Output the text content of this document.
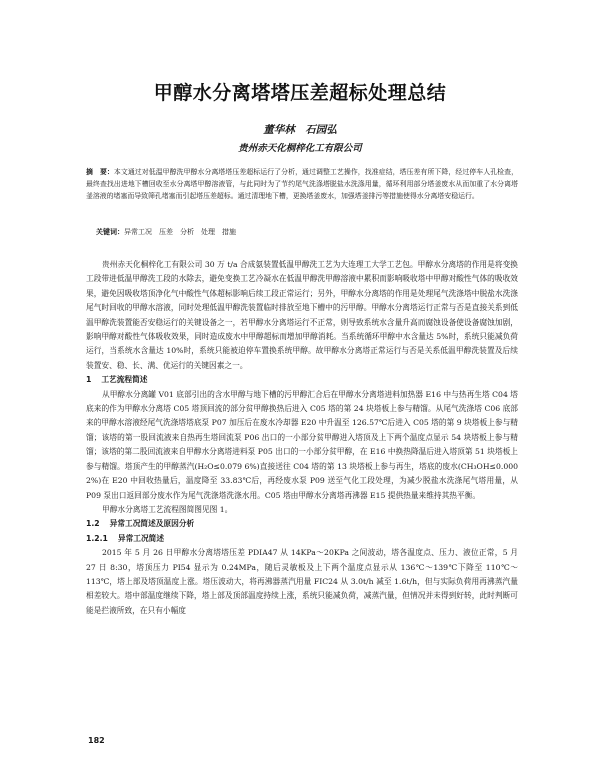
甲醇水分离塔塔压差超标处理总结
董华林　石园弘
贵州赤天化桐梓化工有限公司
摘　要：本文通过对低温甲醇洗甲醇水分离塔塔压差超标运行了分析，通过调整工艺操作，找准症结，塔压差有所下降，经过停车人孔检查，最终查找出进地下槽回收至水分离塔甲醇溶液管，与此同时为了节约尾气洗涤塔脱盐水洗涤用量，循环利用部分塔釜废水从而加重了水分离塔釜溶液的堵塞而导致筛孔堵塞而引起塔压差超标。通过清理地下槽，更换塔釜废水，加强塔釜排污等措施使得水分离塔安稳运行。
关键词：异常工况　压差　分析　处理　措施

贵州赤天化桐梓化工有限公司 30 万 t/a 合成氨装置低温甲醇洗工艺为大连理工大学工艺包。甲醇水分离塔的作用是将变换工段带进低温甲醇洗工段的水除去，避免变换工艺冷凝水在低温甲醇洗甲醇溶液中累积而影响吸收塔中甲醇对酸性气体的吸收效果，避免因吸收塔顶净化气中酸性气体超标影响后续工段正常运行；另外，甲醇水分离塔的作用是处理尾气洗涤塔中脱盐水洗涤尾气时回收的甲醇水溶液，同时处理低温甲醇洗装置临时排放至地下槽中的污甲醇。甲醇水分离塔运行正常与否是直接关系到低温甲醇洗装置能否安稳运行的关键设备之一，若甲醇水分离塔运行不正常，则导致系统水含量升高而腐蚀设备使设备腐蚀加剧，影响甲醇对酸性气体吸收效果，同时造成废水中甲醇超标而增加甲醇消耗。当系统循环甲醇中水含量达 5%时，系统只能减负荷运行，当系统水含量达 10%时，系统只能被迫停车置换系统甲醇。故甲醇水分离塔正常运行与否是关系低温甲醇洗装置及后续装置安、稳、长、满、优运行的关键因素之一。

1 工艺流程简述

从甲醇水分离罐 V01 底部引出的含水甲醇与地下槽的污甲醇汇合后在甲醇水分离塔进料加热器 E16 中与热再生塔 C04 塔底来的作为甲醇水分离塔 C05 塔顶回流的部分贫甲醇换热后进入 C05 塔的第 24 块塔板上参与精馏。从尾气洗涤塔 C06 底部来的甲醇水溶液经尾气洗涤塔塔底泵 P07 加压后在废水冷却器 E20 中升温至 126.57℃后进入 C05 塔的第 9 块塔板上参与精馏；该塔的第一股回流液来自热再生塔回流泵 P06 出口的一小部分贫甲醇进入塔顶及上下两个温度点显示 54 块塔板上参与精馏；该塔的第二股回流液来自甲醇水分离塔进料泵 P05 出口的一小部分贫甲醇，在 E16 中换热降温后进入塔顶第 51 块塔板上参与精馏。塔顶产生的甲醇蒸汽(H₂O≤0.079 6%)直接送往 C04 塔的第 13 块塔板上参与再生，塔底的废水(CH₃OH≤0.000 2%)在 E20 中回收热量后，温度降至 33.83℃后，再经废水泵 P09 送至气化工段处理，为减少脱盐水洗涤尾气塔用量，从 P09 泵出口返回部分废水作为尾气洗涤塔洗涤水用。C05 塔由甲醇水分离塔再沸器 E15 提供热量来维持其热平衡。

甲醇水分离塔工艺流程图简图见图 1。

1.2 异常工况简述及原因分析
1.2.1 异常工况简述

2015 年 5 月 26 日甲醇水分离塔塔压差 PDIA47 从 14KPa～20KPa 之间波动，塔各温度点、压力、液位正常，5 月 27 日 8:30，塔顶压力 PI54 显示为 0.24MPa，随后灵敏板及上下两个温度点显示从 136℃～139℃下降至 110℃～113℃，塔上部及塔顶温度上涨。塔压波动大，将再沸器蒸汽用量 FIC24 从 3.0t/h 减至 1.6t/h，但与实际负荷用再沸蒸汽量相差较大。塔中部温度继续下降，塔上部及顶部温度持续上涨，系统只能减负荷，减蒸汽量，但情况并未得到好转，此时判断可能是拦液所致，在只有小幅度

182
